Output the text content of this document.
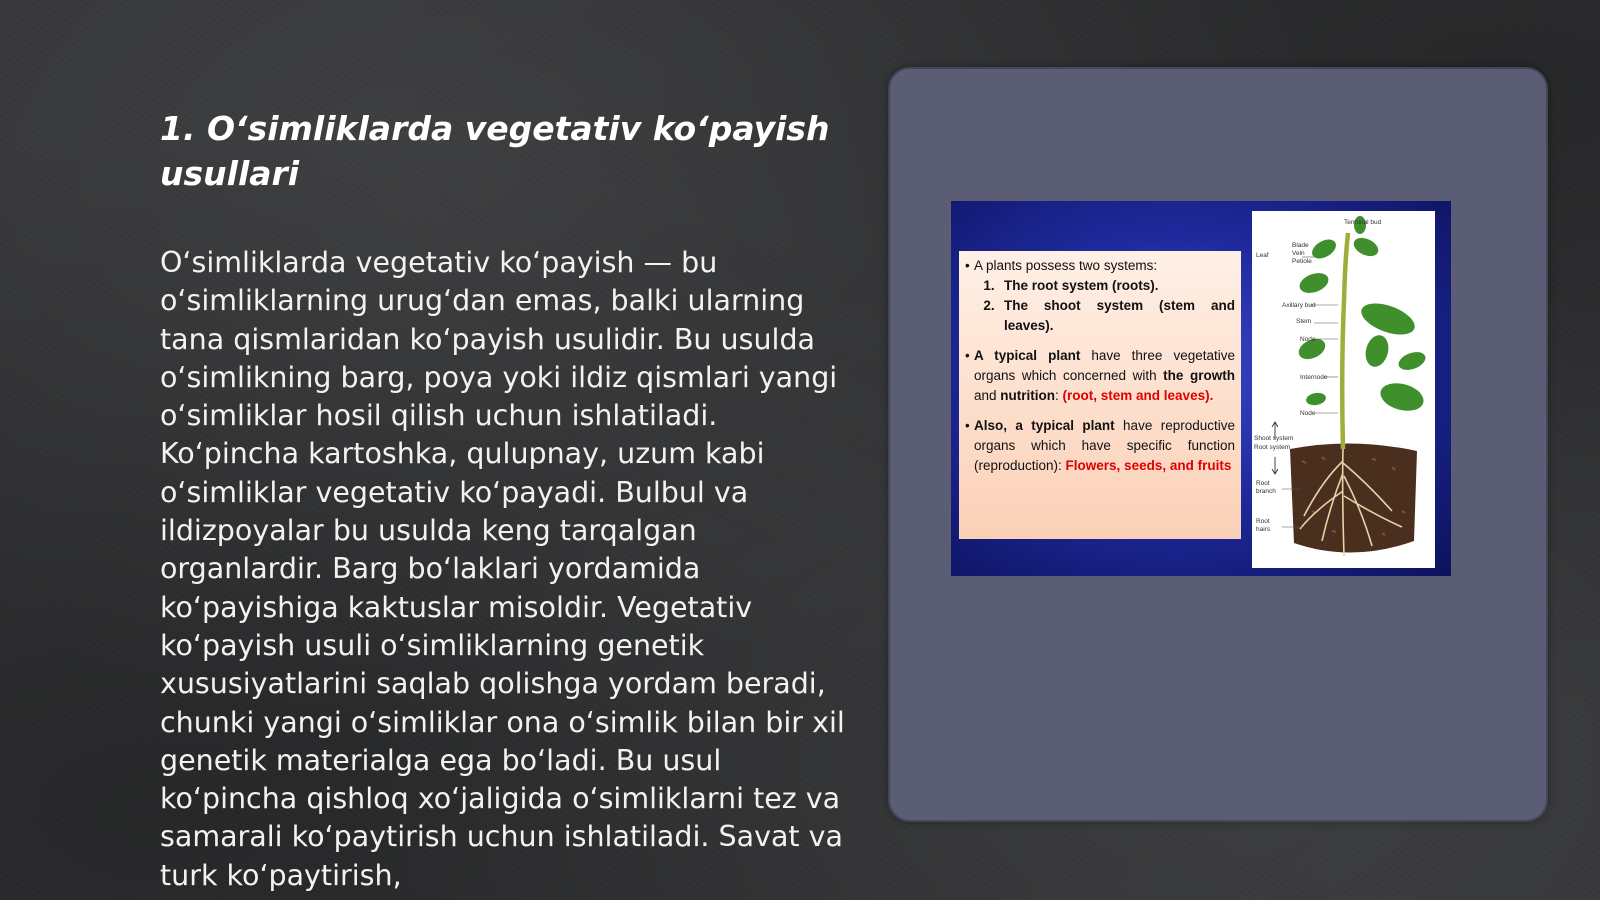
1. O‘simliklarda vegetativ ko‘payish usullari

O‘simliklarda vegetativ ko‘payish — bu o‘simliklarning urug‘dan emas, balki ularning tana qismlaridan ko‘payish usulidir. Bu usulda o‘simlikning barg, poya yoki ildiz qismlari yangi o‘simliklar hosil qilish uchun ishlatiladi. Ko‘pincha kartoshka, qulupnay, uzum kabi o‘simliklar vegetativ ko‘payadi. Bulbul va ildizpoyalar bu usulda keng tarqalgan organlardir. Barg bo‘laklari yordamida ko‘payishiga kaktuslar misoldir. Vegetativ ko‘payish usuli o‘simliklarning genetik xususiyatlarini saqlab qolishga yordam beradi, chunki yangi o‘simliklar ona o‘simlik bilan bir xil genetik materialga ega bo‘ladi. Bu usul ko‘pincha qishloq xo‘jaligida o‘simliklarni tez va samarali ko‘paytirish uchun ishlatiladi. Savat va turk ko‘paytirish,

• A plants possess two systems:
1. The root system (roots).
2. The shoot system (stem and leaves).
• A typical plant have three vegetative organs which concerned with the growth and nutrition: (root, stem and leaves).
• Also, a typical plant have reproductive organs which have specific function (reproduction): Flowers, seeds, and fruits
Terminal bud
Leaf
Blade
Vein
Petiole
Axillary bud
Stem
Node
Internode
Node
Shoot system
Root system
Root
branch
Root
hairs
